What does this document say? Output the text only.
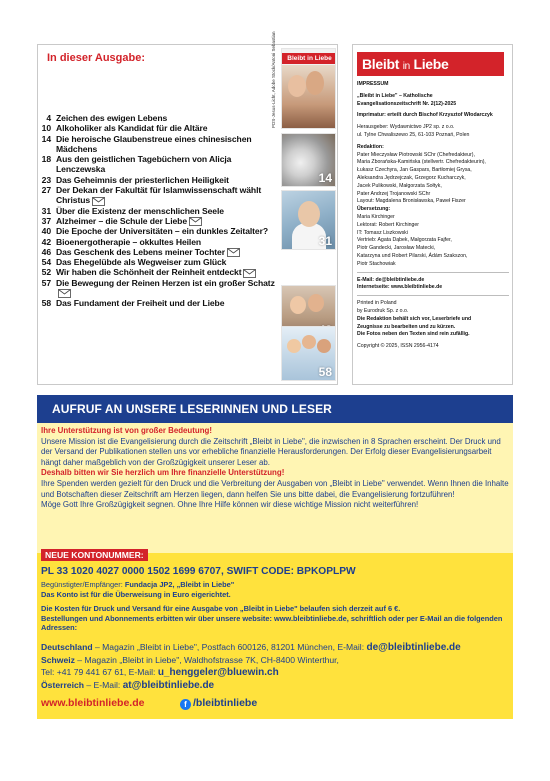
In dieser Ausgabe:
4 Zeichen des ewigen Lebens
10 Alkoholiker als Kandidat für die Altäre
14 Die heroische Glaubenstreue eines chinesischen Mädchens
18 Aus den geistlichen Tagebüchern von Alicja Lenczewska
23 Das Geheimnis der priesterlichen Heiligkeit
27 Der Dekan der Fakultät für Islamwissenschaft wählt Christus
31 Über die Existenz der menschlichen Seele
37 Alzheimer – die Schule der Liebe
40 Die Epoche der Universitäten – ein dunkles Zeitalter?
42 Bioenergotherapie – okkultes Heilen
46 Das Geschenk des Lebens meiner Tochter
54 Das Ehegelübde als Wegweiser zum Glück
52 Wir haben die Schönheit der Reinheit entdeckt
57 Die Bewegung der Reinen Herzen ist ein großer Schatz
58 Das Fundament der Freiheit und der Liebe
PDS-Jesus-Licht, Adobe Stock/Antoni Sebastian	Bleibt in Liebe
14
31
58
Bleibt in Liebe
IMPRESSUM
„Bleibt in Liebe" – Katholische
Evangelisationszeitschrift Nr. 2(12)-2025
Imprimatur: erteilt durch Bischof Krzysztof Włodarczyk
Herausgeber: Wydawnictwo JP2 sp. z o.o.
ul. Tylne Chwaliszewo 25, 61-103 Poznań, Polen
Redaktion:
Pater Mieczysław Piotrowski SChr (Chefredakteur),
Maria Zborańska-Kamińska (stellvertr. Chefredakteurin),
Łukasz Czechyra, Jan Gaspars, Bartłomiej Grysa,
Aleksandra Jędrzejczak, Grzegorz Kucharczyk,
Jacek Pulikowski, Małgorzata Sołtyk,
Pater Andrzej Trojanowski SChr
Layout: Magdalena Bronisławska, Paweł Fiszer
Übersetzung:
Maria Kirchinger
Lektorat: Robert Kirchinger
IT: Tomasz Liszkowski
Vertrieb: Agata Dąbek, Małgorzata Fajfer,
Piotr Gandecki, Jarosław Matecki,
Katarzyna und Robert Pilarski, Ádám Szakszon,
Piotr Stachowiak
E-Mail: de@bleibtinliebe.de
Internetseite: www.bleibtinliebe.de
Printed in Poland
by Eurodruk Sp. z o.o.
Die Redaktion behält sich vor, Leserbriefe und
Zeugnisse zu bearbeiten und zu kürzen.
Die Fotos neben den Texten sind rein zufällig.
Copyright © 2025, ISSN 2956-4174
AUFRUF AN UNSERE LESERINNEN UND LESER
Ihre Unterstützung ist von großer Bedeutung!
Unsere Mission ist die Evangelisierung durch die Zeitschrift „Bleibt in Liebe", die inzwischen in 8 Sprachen erscheint. Der Druck und der Versand der Publikationen stellen uns vor erhebliche finanzielle Herausforderungen. Der Erfolg dieser Evangelisierungsarbeit hängt daher maßgeblich von der Großzügigkeit unserer Leser ab.
Deshalb bitten wir Sie herzlich um Ihre finanzielle Unterstützung!
Ihre Spenden werden gezielt für den Druck und die Verbreitung der Ausgaben von „Bleibt in Liebe" verwendet. Wenn Ihnen die Inhalte und Botschaften dieser Zeitschrift am Herzen liegen, dann helfen Sie uns bitte dabei, die Evangelisierung fortzuführen!
Möge Gott Ihre Großzügigkeit segnen. Ohne Ihre Hilfe können wir diese wichtige Mission nicht weiterführen!
NEUE KONTONUMMER:
PL 33 1020 4027 0000 1502 1699 6707, SWIFT CODE: BPKOPLPW
Begünstigter/Empfänger: Fundacja JP2, „Bleibt in Liebe"
Das Konto ist für die Überweisung in Euro eigerichtet.
Die Kosten für Druck und Versand für eine Ausgabe von „Bleibt in Liebe" belaufen sich derzeit auf 6 €.
Bestellungen und Abonnements erbitten wir über unsere website: www.bleibtinliebe.de, schriftlich oder per E-Mail an die folgenden Adressen:
Deutschland – Magazin „Bleibt in Liebe", Postfach 600126, 81201 München, E-Mail: de@bleibtinliebe.de
Schweiz – Magazin „Bleibt in Liebe", Waldhofstrasse 7K, CH-8400 Winterthur,
Tel: +41 79 441 67 61, E-Mail: u_henggeler@bluewin.ch
Österreich – E-Mail: at@bleibtinliebe.de
www.bleibtinliebe.de	f /bleibtinliebe
